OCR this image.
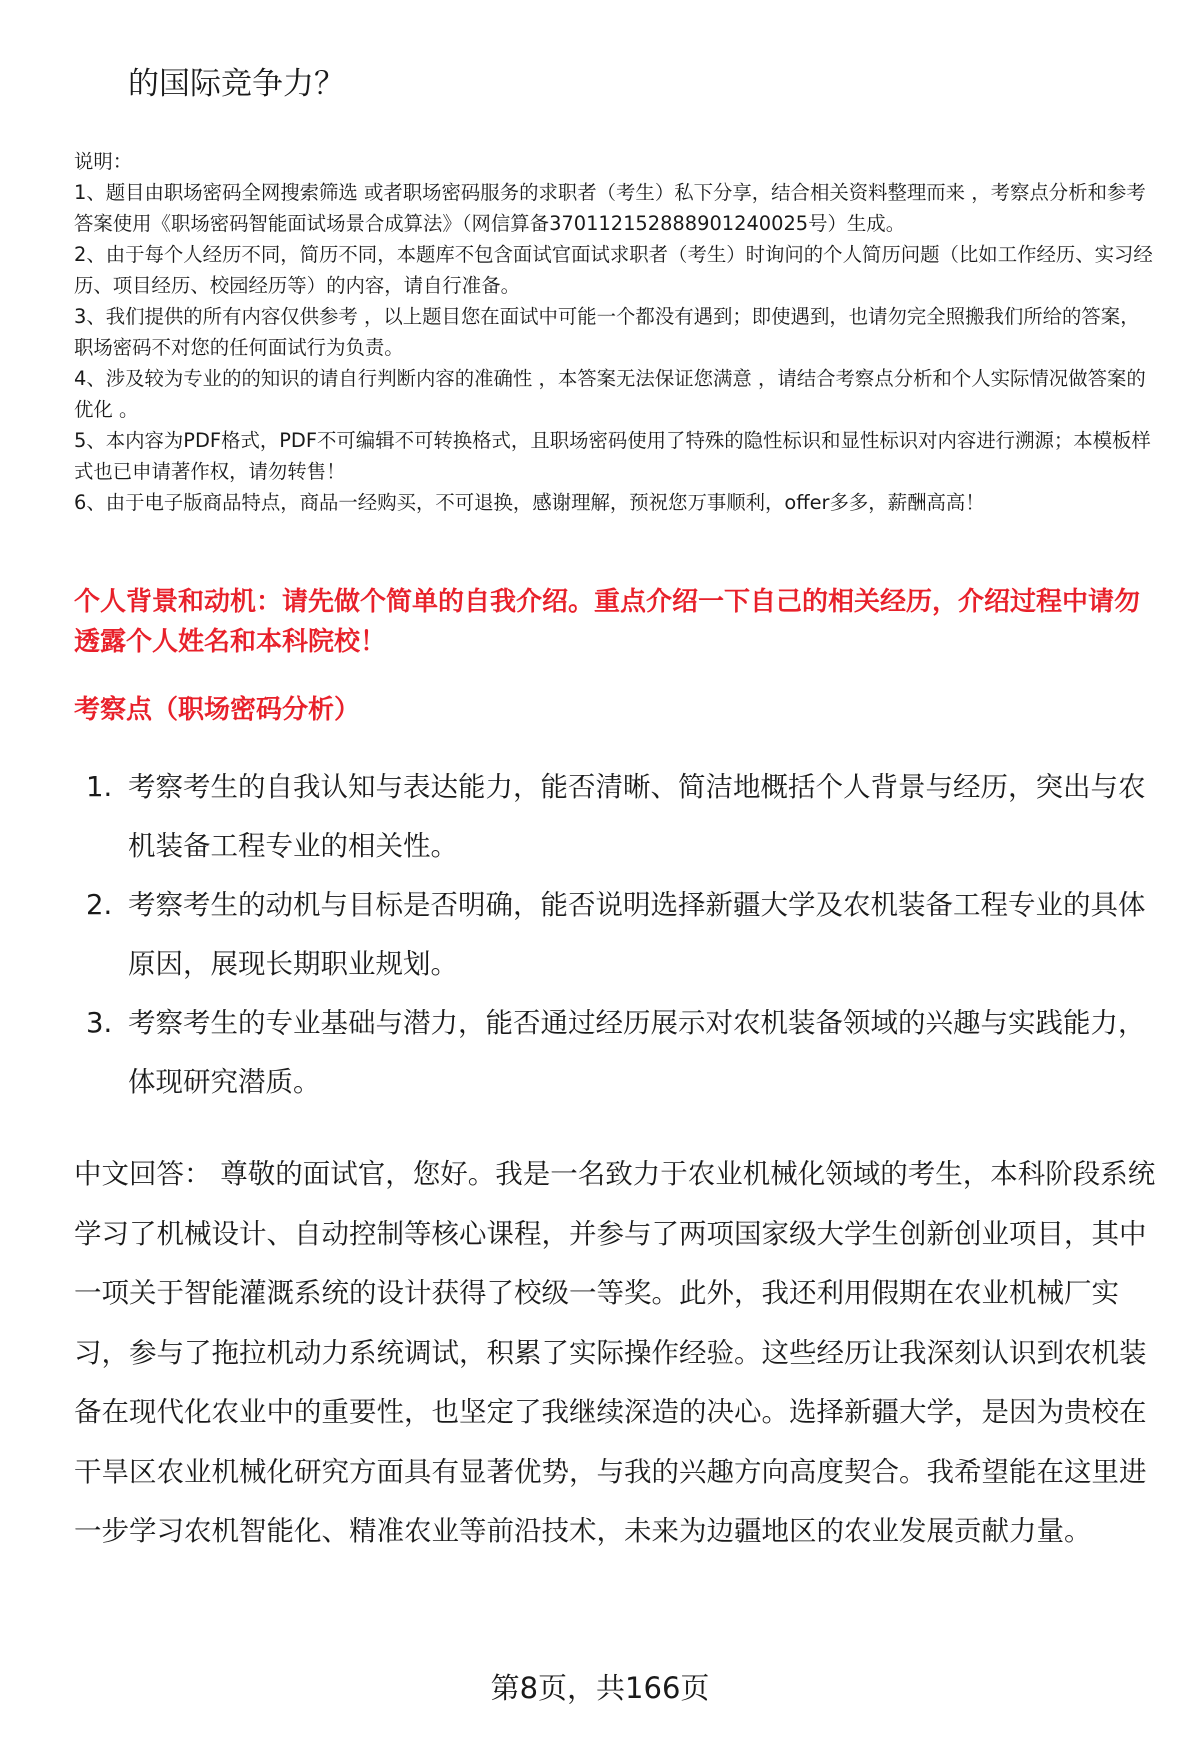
的国际竞争力？

说明：

1、题目由职场密码全网搜索筛选 或者职场密码服务的求职者（考生）私下分享，结合相关资料整理而来 ，考察点分析和参考答案使用《职场密码智能面试场景合成算法》（网信算备370112152888901240025号）生成。

2、由于每个人经历不同，简历不同，本题库不包含面试官面试求职者（考生）时询问的个人简历问题（比如工作经历、实习经历、项目经历、校园经历等）的内容，请自行准备。

3、我们提供的所有内容仅供参考 ，以上题目您在面试中可能一个都没有遇到；即使遇到，也请勿完全照搬我们所给的答案，职场密码不对您的任何面试行为负责。

4、涉及较为专业的的知识的请自行判断内容的准确性 ，本答案无法保证您满意 ，请结合考察点分析和个人实际情况做答案的优化 。

5、本内容为PDF格式，PDF不可编辑不可转换格式，且职场密码使用了特殊的隐性标识和显性标识对内容进行溯源；本模板样式也已申请著作权，请勿转售！

6、由于电子版商品特点，商品一经购买，不可退换，感谢理解，预祝您万事顺利，offer多多，薪酬高高！

个人背景和动机：请先做个简单的自我介绍。重点介绍一下自己的相关经历，介绍过程中请勿透露个人姓名和本科院校！
考察点（职场密码分析）
1. 考察考生的自我认知与表达能力，能否清晰、简洁地概括个人背景与经历，突出与农机装备工程专业的相关性。
2. 考察考生的动机与目标是否明确，能否说明选择新疆大学及农机装备工程专业的具体原因，展现长期职业规划。
3. 考察考生的专业基础与潜力，能否通过经历展示对农机装备领域的兴趣与实践能力，体现研究潜质。

中文回答： 尊敬的面试官，您好。我是一名致力于农业机械化领域的考生，本科阶段系统学习了机械设计、自动控制等核心课程，并参与了两项国家级大学生创新创业项目，其中一项关于智能灌溉系统的设计获得了校级一等奖。此外，我还利用假期在农业机械厂实习，参与了拖拉机动力系统调试，积累了实际操作经验。这些经历让我深刻认识到农机装备在现代化农业中的重要性，也坚定了我继续深造的决心。选择新疆大学，是因为贵校在干旱区农业机械化研究方面具有显著优势，与我的兴趣方向高度契合。我希望能在这里进一步学习农机智能化、精准农业等前沿技术，未来为边疆地区的农业发展贡献力量。

第8页，共166页
